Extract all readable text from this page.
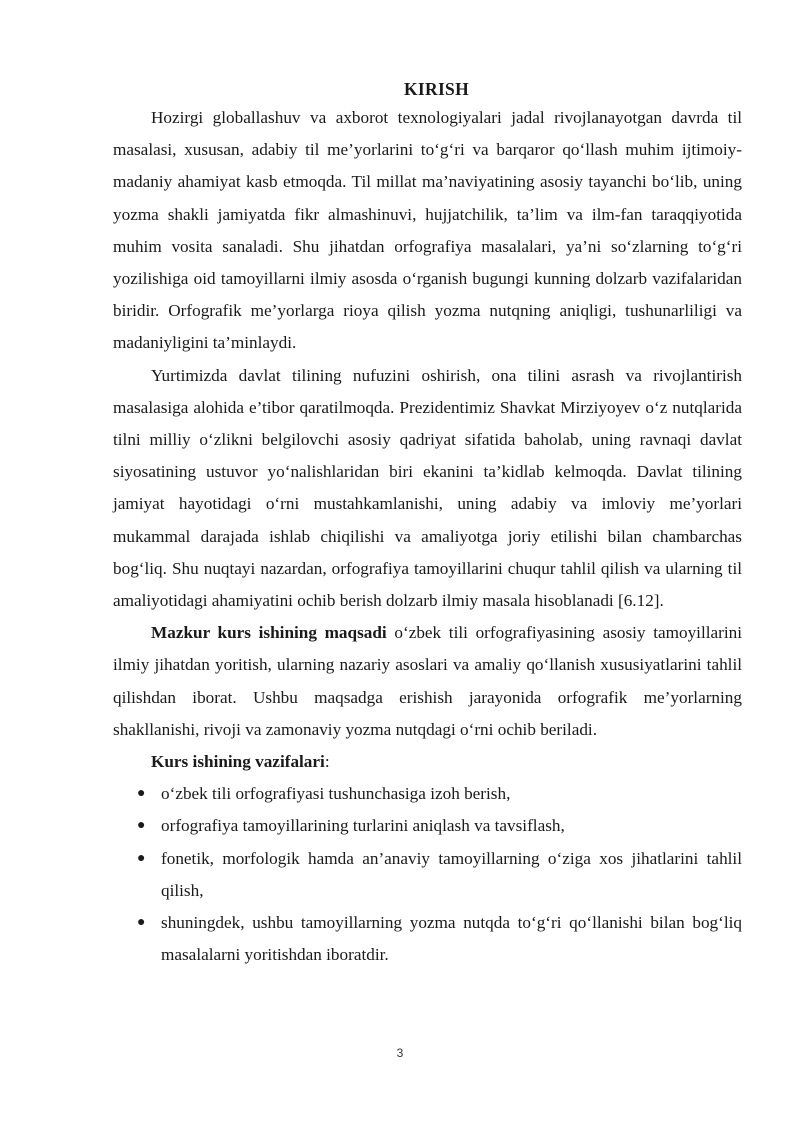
KIRISH

Hozirgi globallashuv va axborot texnologiyalari jadal rivojlanayotgan davrda til masalasi, xususan, adabiy til me’yorlarini to‘g‘ri va barqaror qo‘llash muhim ijtimoiy-madaniy ahamiyat kasb etmoqda. Til millat ma’naviyatining asosiy tayanchi bo‘lib, uning yozma shakli jamiyatda fikr almashinuvi, hujjatchilik, ta’lim va ilm-fan taraqqiyotida muhim vosita sanaladi. Shu jihatdan orfografiya masalalari, ya’ni so‘zlarning to‘g‘ri yozilishiga oid tamoyillarni ilmiy asosda o‘rganish bugungi kunning dolzarb vazifalaridan biridir. Orfografik me’yorlarga rioya qilish yozma nutqning aniqligi, tushunarliligi va madaniyligini ta’minlaydi.

Yurtimizda davlat tilining nufuzini oshirish, ona tilini asrash va rivojlantirish masalasiga alohida e’tibor qaratilmoqda. Prezidentimiz Shavkat Mirziyoyev o‘z nutqlarida tilni milliy o‘zlikni belgilovchi asosiy qadriyat sifatida baholab, uning ravnaqi davlat siyosatining ustuvor yo‘nalishlaridan biri ekanini ta’kidlab kelmoqda. Davlat tilining jamiyat hayotidagi o‘rni mustahkamlanishi, uning adabiy va imloviy me’yorlari mukammal darajada ishlab chiqilishi va amaliyotga joriy etilishi bilan chambarchas bog‘liq. Shu nuqtayi nazardan, orfografiya tamoyillarini chuqur tahlil qilish va ularning til amaliyotidagi ahamiyatini ochib berish dolzarb ilmiy masala hisoblanadi [6.12].

Mazkur kurs ishining maqsadi o‘zbek tili orfografiyasining asosiy tamoyillarini ilmiy jihatdan yoritish, ularning nazariy asoslari va amaliy qo‘llanish xususiyatlarini tahlil qilishdan iborat. Ushbu maqsadga erishish jarayonida orfografik me’yorlarning shakllanishi, rivoji va zamonaviy yozma nutqdagi o‘rni ochib beriladi.

Kurs ishining vazifalari:

● o‘zbek tili orfografiyasi tushunchasiga izoh berish,
● orfografiya tamoyillarining turlarini aniqlash va tavsiflash,
● fonetik, morfologik hamda an’anaviy tamoyillarning o‘ziga xos jihatlarini tahlil qilish,
● shuningdek, ushbu tamoyillarning yozma nutqda to‘g‘ri qo‘llanishi bilan bog‘liq masalalarni yoritishdan iboratdir.
3
